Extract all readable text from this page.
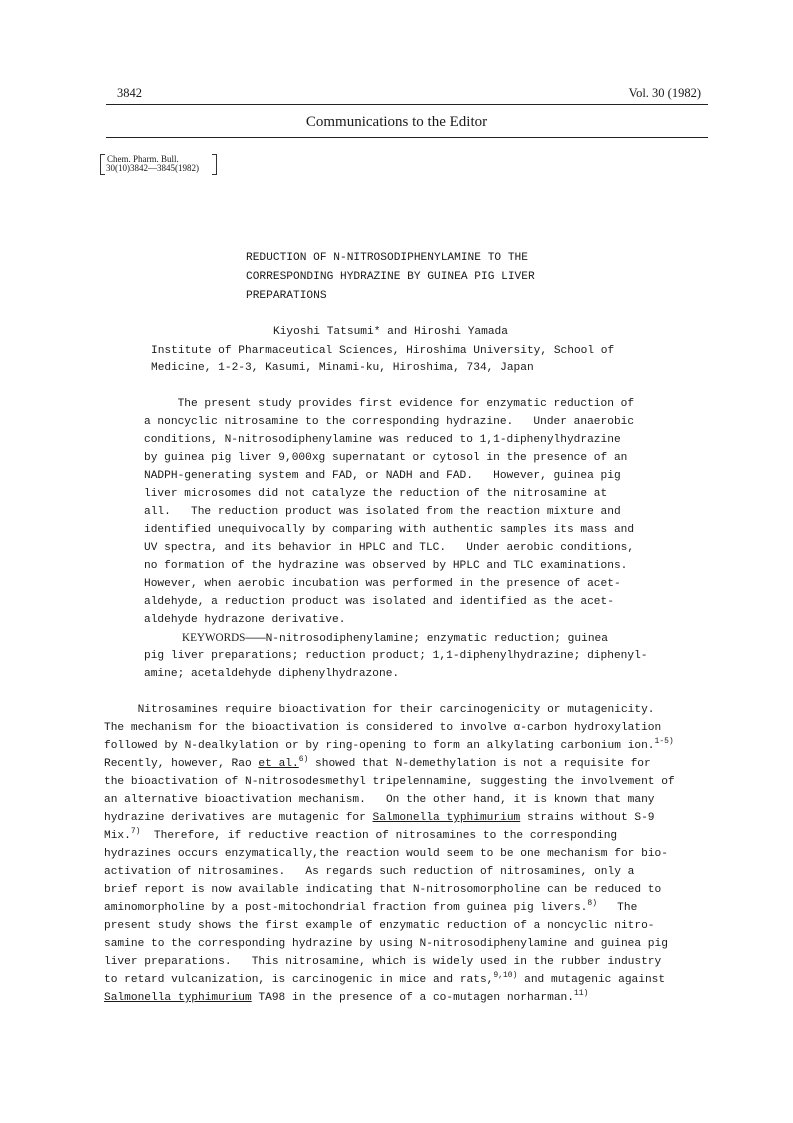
3842	Vol. 30 (1982)
Communications to the Editor
Chem. Pharm. Bull.
30(10)3842—3845(1982)
REDUCTION OF N-NITROSODIPHENYLAMINE TO THE
CORRESPONDING HYDRAZINE BY GUINEA PIG LIVER
PREPARATIONS
Kiyoshi Tatsumi* and Hiroshi Yamada
Institute of Pharmaceutical Sciences, Hiroshima University, School of
Medicine, 1-2-3, Kasumi, Minami-ku, Hiroshima, 734, Japan

The present study provides first evidence for enzymatic reduction of

a noncyclic nitrosamine to the corresponding hydrazine.   Under anaerobic

conditions, N-nitrosodiphenylamine was reduced to 1,1-diphenylhydrazine

by guinea pig liver 9,000xg supernatant or cytosol in the presence of an

NADPH-generating system and FAD, or NADH and FAD.   However, guinea pig

liver microsomes did not catalyze the reduction of the nitrosamine at

all.   The reduction product was isolated from the reaction mixture and

identified unequivocally by comparing with authentic samples its mass and

UV spectra, and its behavior in HPLC and TLC.   Under aerobic conditions,

no formation of the hydrazine was observed by HPLC and TLC examinations.

However, when aerobic incubation was performed in the presence of acet-

aldehyde, a reduction product was isolated and identified as the acet-

aldehyde hydrazone derivative.

KEYWORDS———N-nitrosodiphenylamine; enzymatic reduction; guinea
pig liver preparations; reduction product; 1,1-diphenylhydrazine; diphenyl-
amine; acetaldehyde diphenylhydrazone.
Nitrosamines require bioactivation for their carcinogenicity or mutagenicity.
The mechanism for the bioactivation is considered to involve α-carbon hydroxylation
followed by N-dealkylation or by ring-opening to form an alkylating carbonium ion.$^{1-5)}$
Recently, however, Rao et al.$^{6)}$ showed that N-demethylation is not a requisite for
the bioactivation of N-nitrosodesmethyl tripelennamine, suggesting the involvement of
an alternative bioactivation mechanism.   On the other hand, it is known that many
hydrazine derivatives are mutagenic for Salmonella typhimurium strains without S-9
Mix.$^{7)}$  Therefore, if reductive reaction of nitrosamines to the corresponding
hydrazines occurs enzymatically,the reaction would seem to be one mechanism for bio-
activation of nitrosamines.   As regards such reduction of nitrosamines, only a
brief report is now available indicating that N-nitrosomorpholine can be reduced to
aminomorpholine by a post-mitochondrial fraction from guinea pig livers.$^{8)}$   The
present study shows the first example of enzymatic reduction of a noncyclic nitro-
samine to the corresponding hydrazine by using N-nitrosodiphenylamine and guinea pig
liver preparations.   This nitrosamine, which is widely used in the rubber industry
to retard vulcanization, is carcinogenic in mice and rats,$^{9,10)}$ and mutagenic against
Salmonella typhimurium TA98 in the presence of a co-mutagen norharman.$^{11)}$
